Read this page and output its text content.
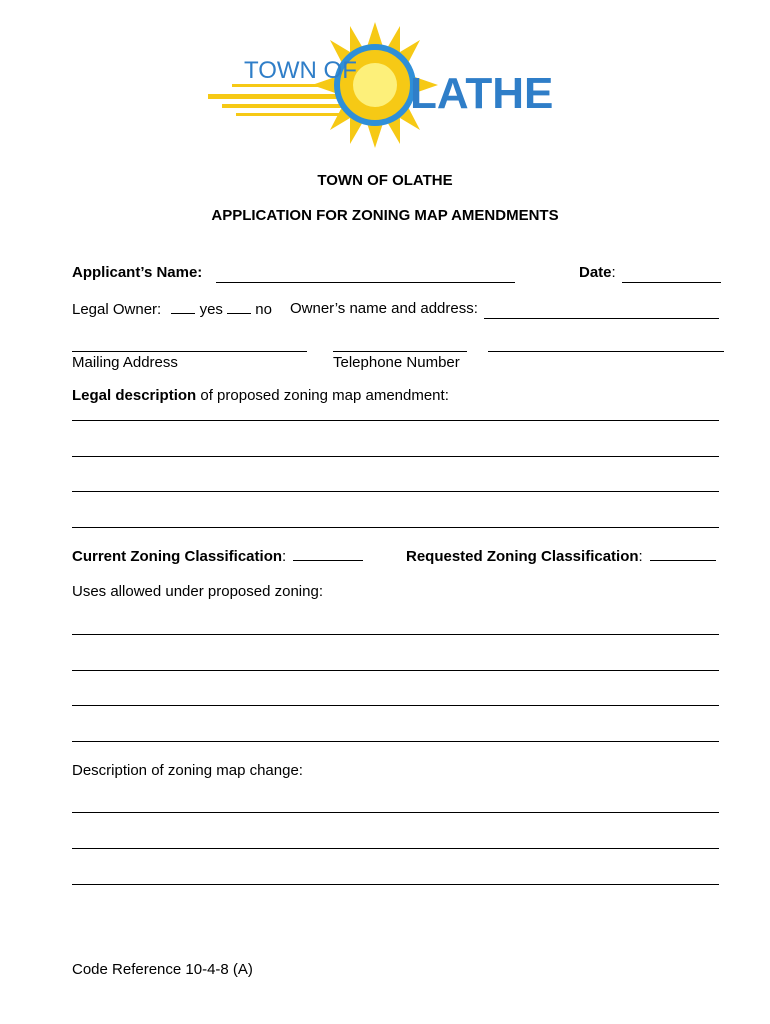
TOWN OF LATHE
TOWN OF OLATHE
APPLICATION FOR ZONING MAP AMENDMENTS
Applicant’s Name:	Date:
Legal Owner:	yes no Owner’s name and address:
Mailing Address	Telephone Number
Legal description of proposed zoning map amendment:
Current Zoning Classification:	Requested Zoning Classification:
Uses allowed under proposed zoning:
Description of zoning map change:
Code Reference 10-4-8 (A)
